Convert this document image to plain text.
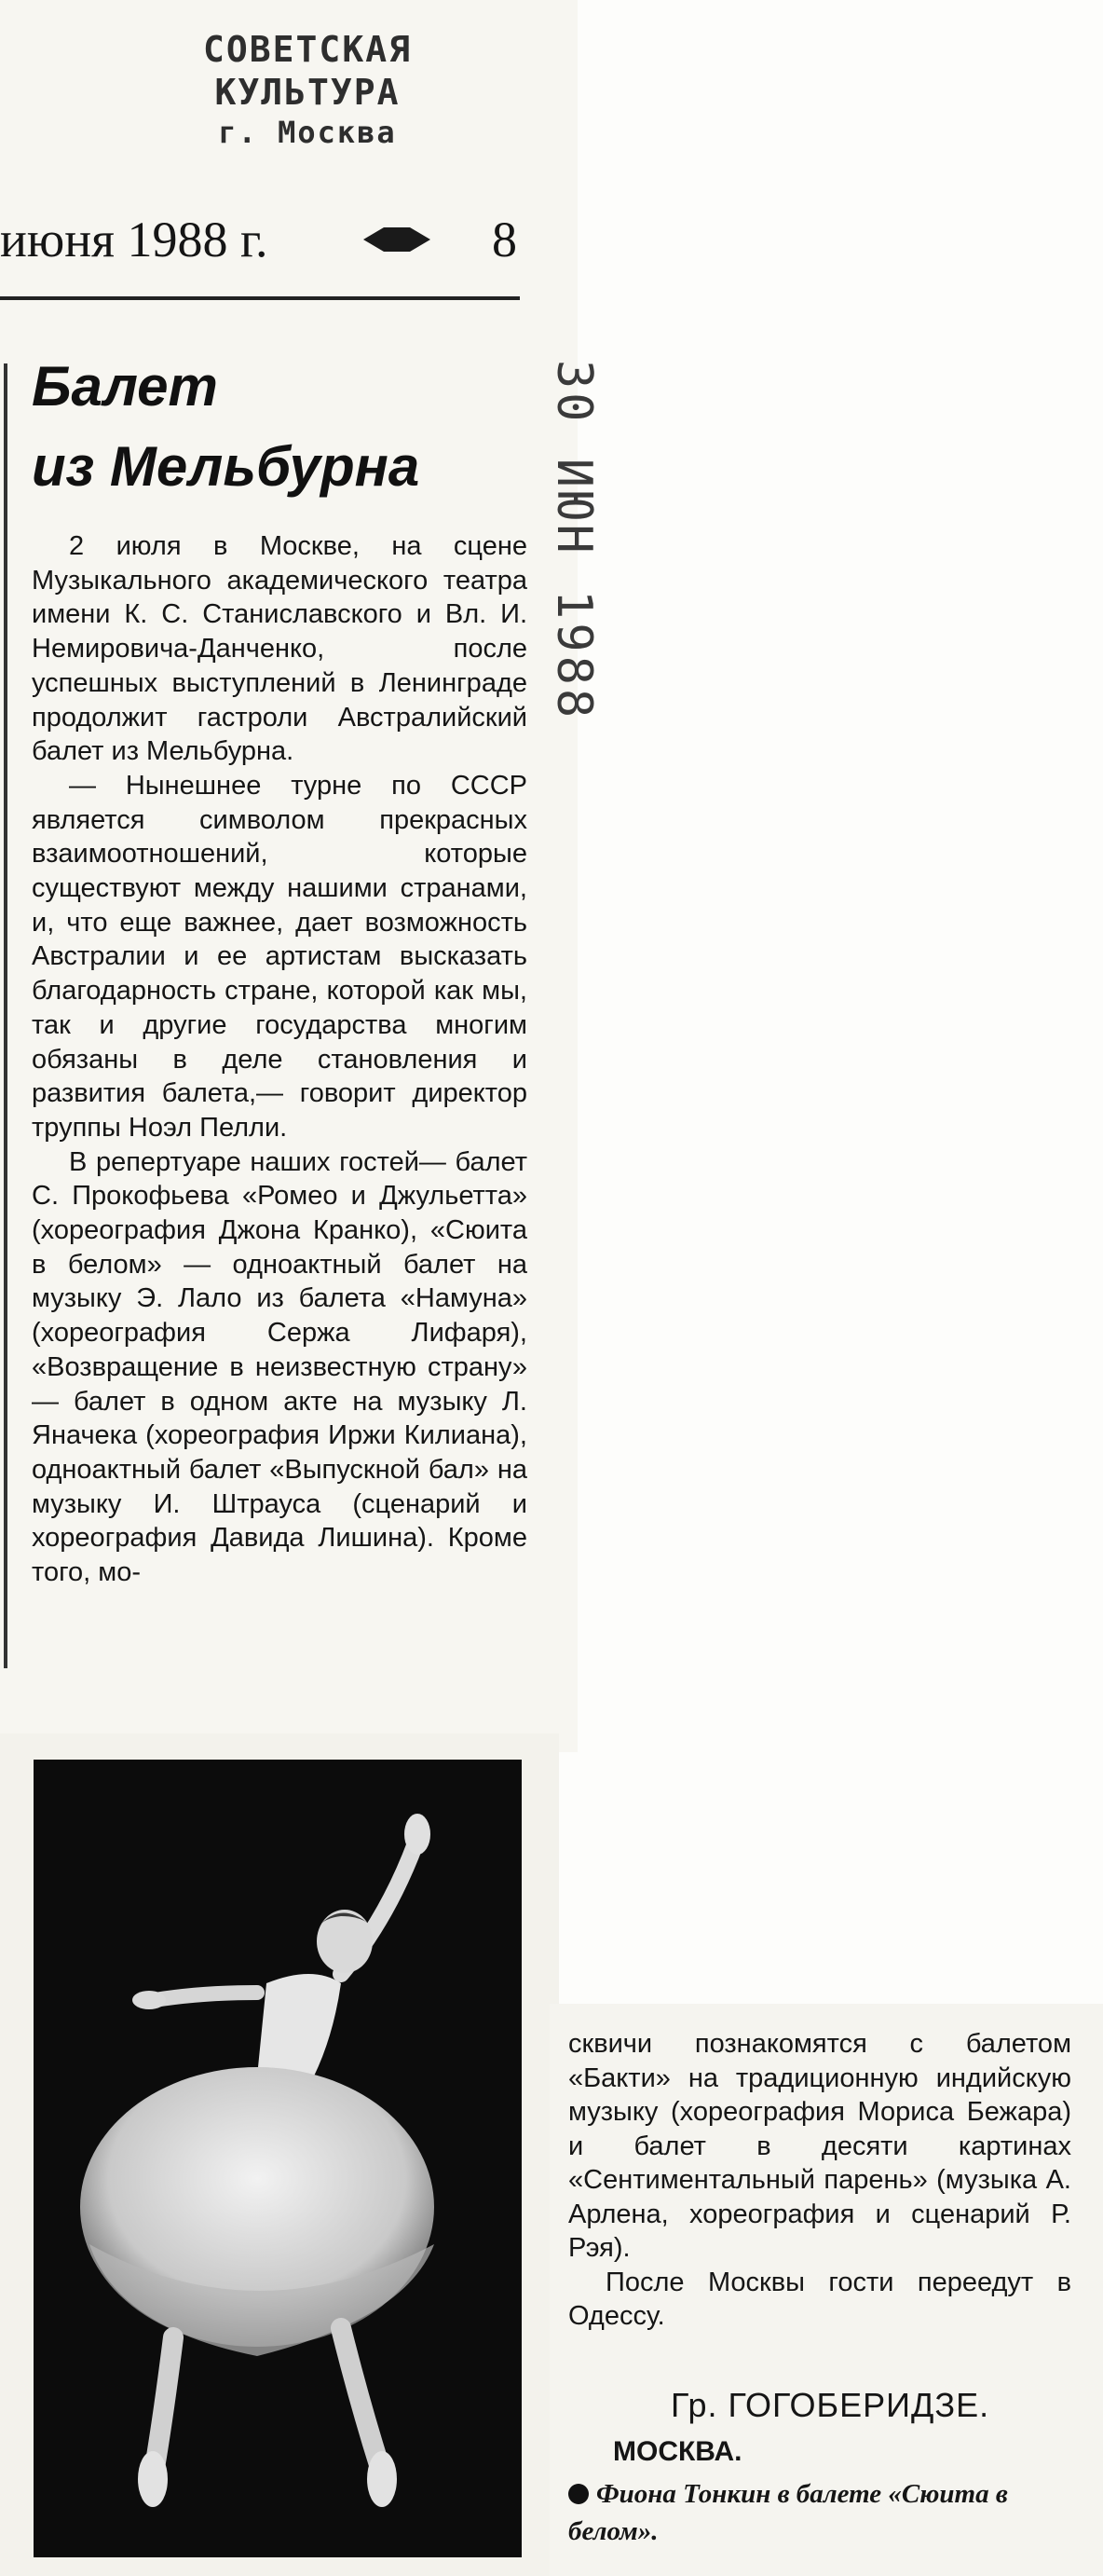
СОВЕТСКАЯ КУЛЬТУРА
г. Москва
июня 1988 г.	8
Балет
из Мельбурна

2 июля в Москве, на сцене Музыкального академического театра имени К. С. Станиславского и Вл. И. Немировича-Данченко, после успешных выступлений в Ленинграде продолжит гастроли Австралийский балет из Мельбурна.

— Нынешнее турне по СССР является символом прекрасных взаимоотношений, которые существуют между нашими странами, и, что еще важнее, дает возможность Австралии и ее артистам высказать благодарность стране, которой как мы, так и другие государства многим обязаны в деле становления и развития балета,— говорит директор труппы Ноэл Пелли.

В репертуаре наших гостей— балет С. Прокофьева «Ромео и Джульетта» (хореография Джона Кранко), «Сюита в белом» — одноактный балет на музыку Э. Лало из балета «Намуна» (хореография Сержа Лифаря), «Возвращение в неизвестную страну» — балет в одном акте на музыку Л. Яначека (хореография Иржи Килиана), одноактный балет «Выпускной бал» на музыку И. Штрауса (сценарий и хореография Давида Лишина). Кроме того, мо-

30 ИЮН 1988

сквичи познакомятся с балетом «Бакти» на традиционную индийскую музыку (хореография Мориса Бежара) и балет в десяти картинах «Сентиментальный парень» (музыка А. Арлена, хореография и сценарий Р. Рэя).

После Москвы гости переедут в Одессу.

Гр. ГОГОБЕРИДЗЕ.
МОСКВА.
Фиона Тонкин в балете «Сюита в белом».
